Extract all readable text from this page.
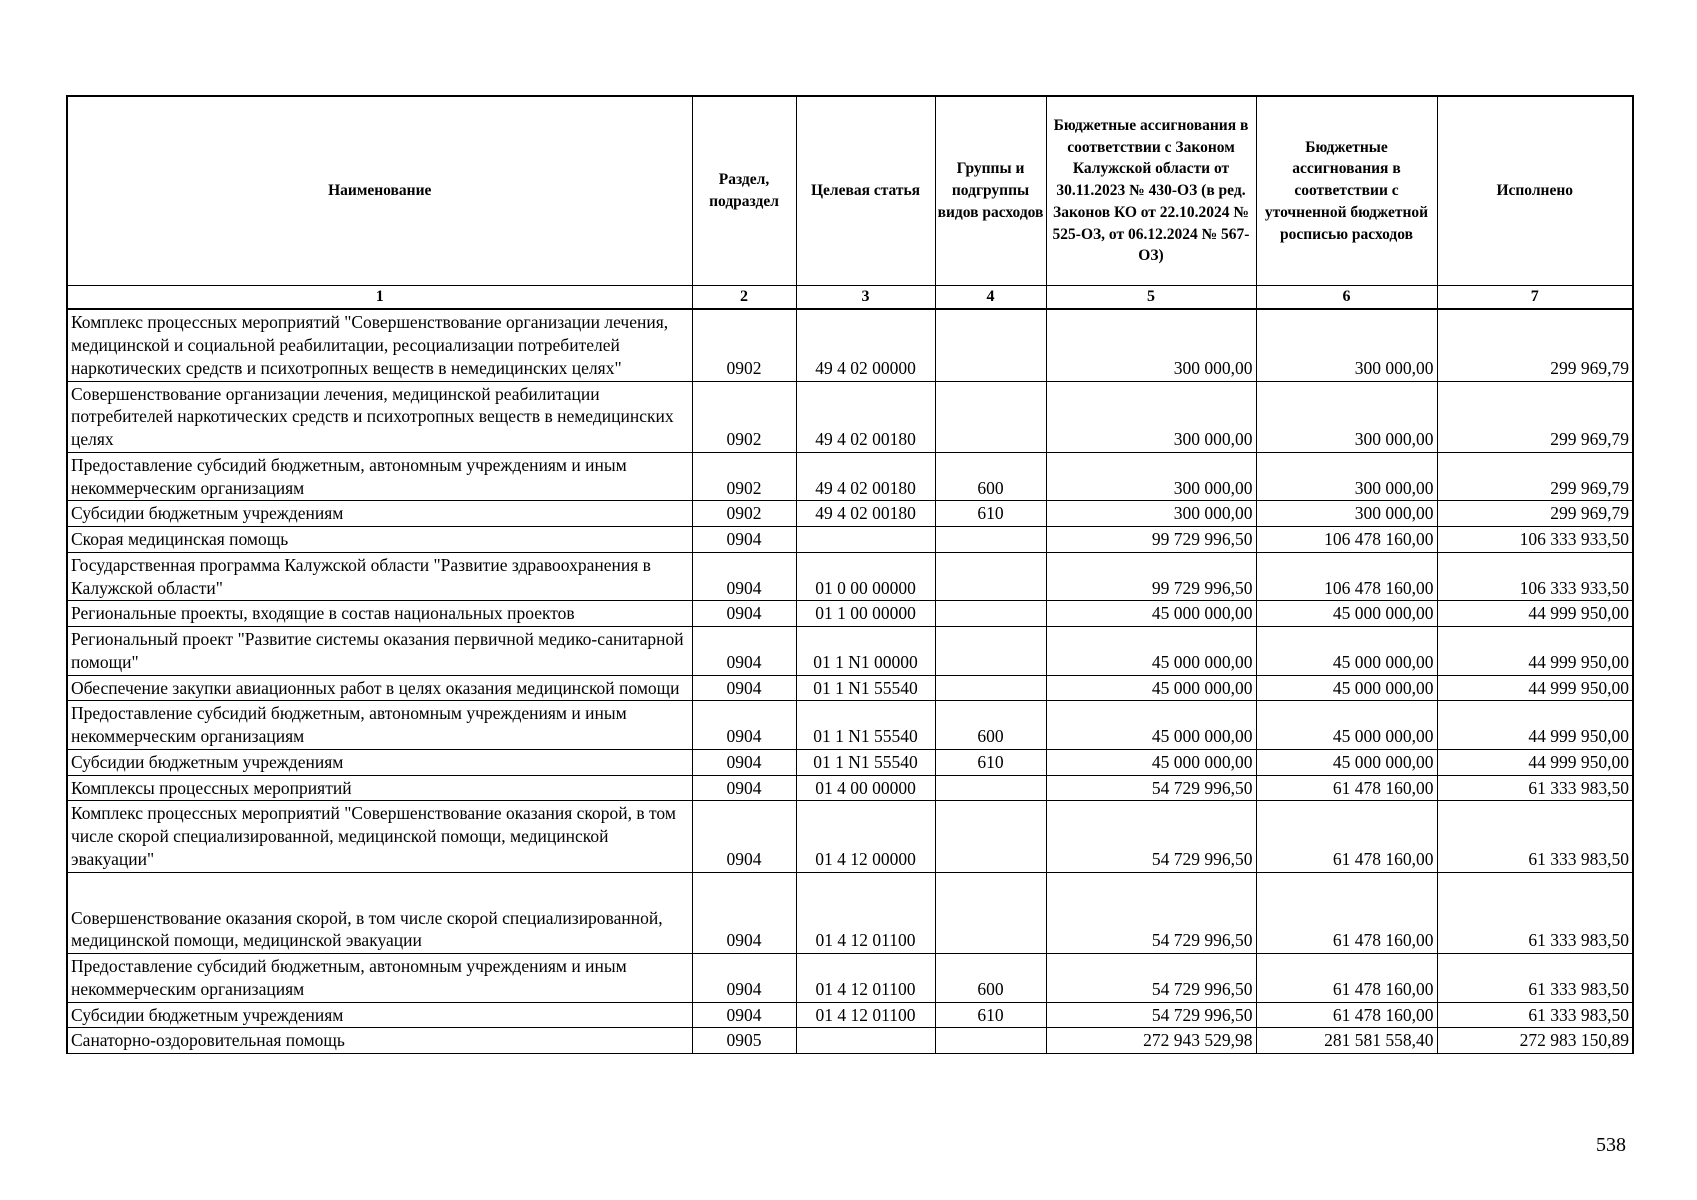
Наименование	Раздел, подраздел	Целевая статья	Группы и подгруппы видов расходов	Бюджетные ассигнования в соответствии с Законом Калужской области от 30.11.2023 № 430-ОЗ (в ред. Законов КО от 22.10.2024 № 525-ОЗ, от 06.12.2024 № 567-ОЗ)	Бюджетные ассигнования в соответствии с уточненной бюджетной росписью расходов	Исполнено
1	2	3	4	5	6	7
Комплекс процессных мероприятий "Совершенствование организации лечения, медицинской и социальной реабилитации, ресоциализации потребителей наркотических средств и психотропных веществ в немедицинских целях"	0902	49 4 02 00000		300 000,00	300 000,00	299 969,79
Совершенствование организации лечения, медицинской реабилитации потребителей наркотических средств и психотропных веществ в немедицинских целях	0902	49 4 02 00180		300 000,00	300 000,00	299 969,79
Предоставление субсидий бюджетным, автономным учреждениям и иным некоммерческим организациям	0902	49 4 02 00180	600	300 000,00	300 000,00	299 969,79
Субсидии бюджетным учреждениям	0902	49 4 02 00180	610	300 000,00	300 000,00	299 969,79
Скорая медицинская помощь	0904			99 729 996,50	106 478 160,00	106 333 933,50
Государственная программа Калужской области "Развитие здравоохранения в Калужской области"	0904	01 0 00 00000		99 729 996,50	106 478 160,00	106 333 933,50
Региональные проекты, входящие в состав национальных проектов	0904	01 1 00 00000		45 000 000,00	45 000 000,00	44 999 950,00
Региональный проект "Развитие системы оказания первичной медико-санитарной помощи"	0904	01 1 N1 00000		45 000 000,00	45 000 000,00	44 999 950,00
Обеспечение закупки авиационных работ в целях оказания медицинской помощи	0904	01 1 N1 55540		45 000 000,00	45 000 000,00	44 999 950,00
Предоставление субсидий бюджетным, автономным учреждениям и иным некоммерческим организациям	0904	01 1 N1 55540	600	45 000 000,00	45 000 000,00	44 999 950,00
Субсидии бюджетным учреждениям	0904	01 1 N1 55540	610	45 000 000,00	45 000 000,00	44 999 950,00
Комплексы процессных мероприятий	0904	01 4 00 00000		54 729 996,50	61 478 160,00	61 333 983,50
Комплекс процессных мероприятий "Совершенствование оказания скорой, в том числе скорой специализированной, медицинской помощи, медицинской эвакуации"	0904	01 4 12 00000		54 729 996,50	61 478 160,00	61 333 983,50
Совершенствование оказания скорой, в том числе скорой специализированной, медицинской помощи, медицинской эвакуации	0904	01 4 12 01100		54 729 996,50	61 478 160,00	61 333 983,50
Предоставление субсидий бюджетным, автономным учреждениям и иным некоммерческим организациям	0904	01 4 12 01100	600	54 729 996,50	61 478 160,00	61 333 983,50
Субсидии бюджетным учреждениям	0904	01 4 12 01100	610	54 729 996,50	61 478 160,00	61 333 983,50
Санаторно-оздоровительная помощь	0905			272 943 529,98	281 581 558,40	272 983 150,89
538
